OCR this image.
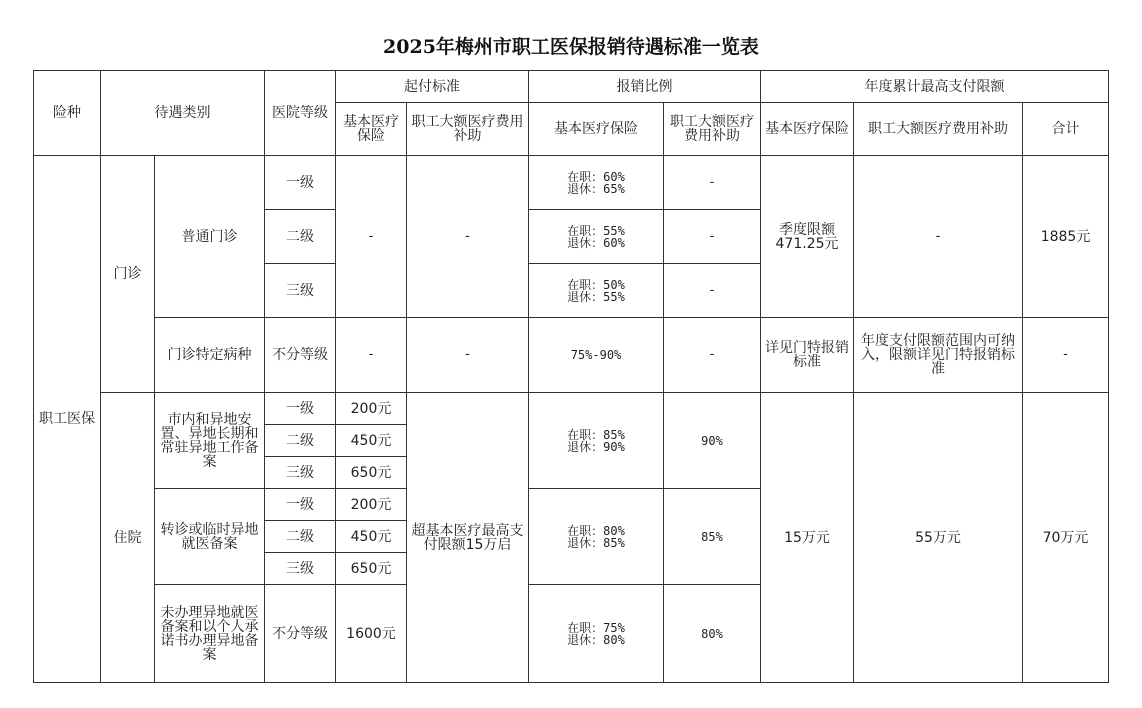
2025年梅州市职工医保报销待遇标准一览表
险种	待遇类别		医院等级	起付标准		报销比例		年度累计最高支付限额		
				基本医疗保险	职工大额医疗费用补助	基本医疗保险	职工大额医疗费用补助	基本医疗保险	职工大额医疗费用补助	合计
职工医保	门诊	普通门诊	一级	-	-	在职：60%
退休：65%	-	季度限额471.25元	-	1885元
			二级			在职：55%
退休：60%	-			
			三级			在职：50%
退休：55%	-			
		门诊特定病种	不分等级	-	-	75%-90%	-	详见门特报销标准	年度支付限额范围内可纳入，限额详见门特报销标准	-
	住院	市内和异地安置、异地长期和常驻异地工作备案	一级	200元	超基本医疗最高支付限额15万启	在职：85%
退休：90%	90%	15万元	55万元	70万元
			二级	450元						
			三级	650元						
		转诊或临时异地就医备案	一级	200元		在职：80%
退休：85%	85%			
			二级	450元						
			三级	650元						
		未办理异地就医备案和以个人承诺书办理异地备案	不分等级	1600元		在职：75%
退休：80%	80%			
